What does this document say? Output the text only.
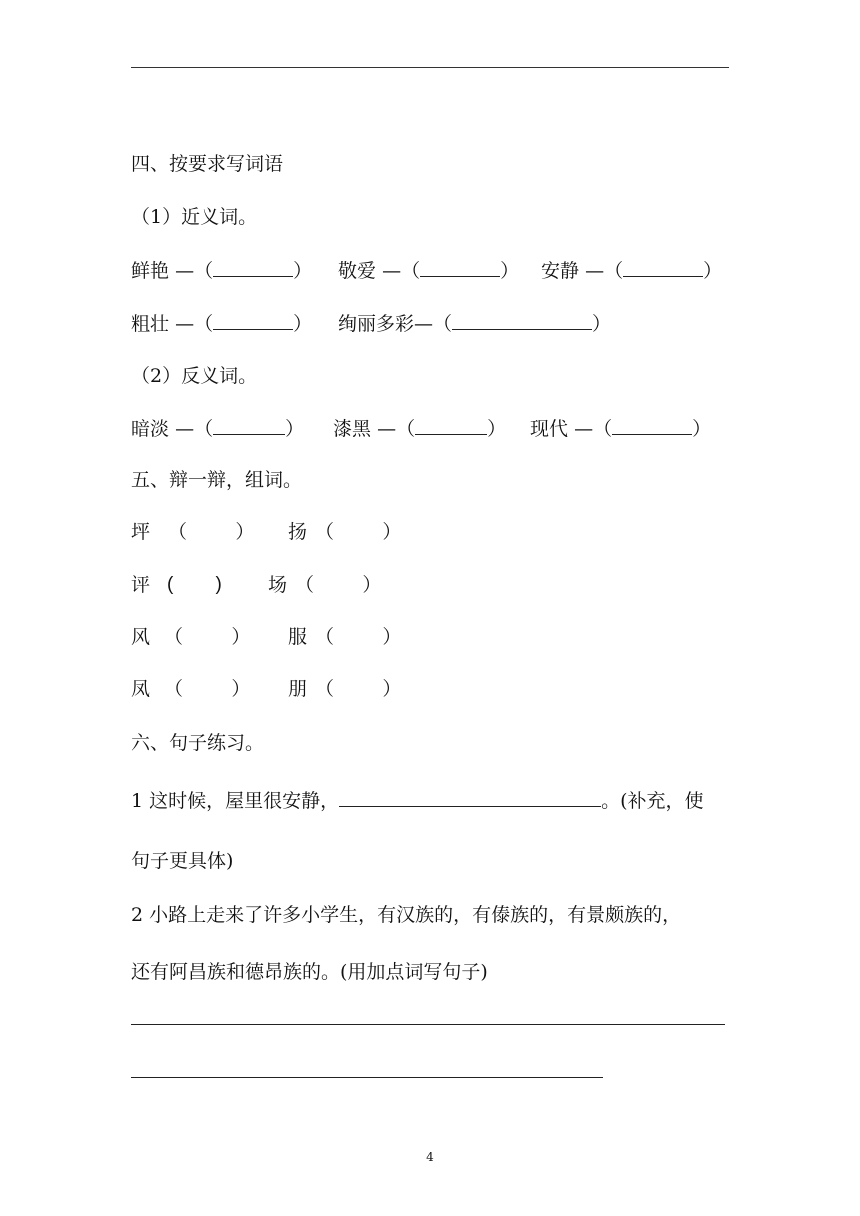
四、按要求写词语
（1）近义词。
鲜艳 —（	） 敬爱 —（	） 安静 —（	）
粗壮 —（	） 绚丽多彩—（	）
（2）反义词。
暗淡 —（	） 漆黑 —（	） 现代 —（	）
五、辩一辩，组词。
坪 （        ） 扬 （        ）
评 (        ) 场 （        ）
风 （        ） 服 （        ）
凤 （        ） 朋 （        ）
六、句子练习。
1 这时候，屋里很安静，	。(补充，使
句子更具体)
2 小路上走来了许多小学生，有汉族的，有傣族的，有景颇族的，
还有阿昌族和德昂族的。(用加点词写句子)
4
